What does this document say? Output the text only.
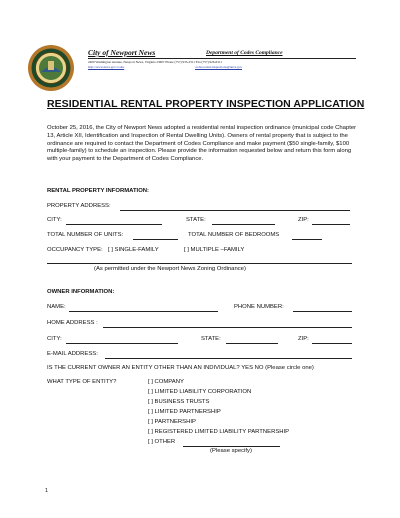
City of Newport News	Department of Codes Compliance
2400 Washington Avenue, Newport News, Virginia 23607 Phone (757) 933-2311 Fax (757) 926-6311
http://www.nnva.gov/codes	codes.rental-inspections@nnva.gov
RESIDENTIAL RENTAL PROPERTY INSPECTION APPLICATION
October 25, 2016, the City of Newport News adopted a residential rental inspection ordinance (municipal code Chapter 13, Article XII, Identification and Inspection of Rental Dwelling Units). Owners of rental property that is subject to the ordinance are required to contact the Department of Codes Compliance and make payment ($50 single-family, $100 multiple-family) to schedule an inspection. Please provide the information requested below and return this form along with your payment to the Department of Codes Compliance.
RENTAL PROPERTY INFORMATION:
PROPERTY ADDRESS:
CITY:	STATE:	ZIP:
TOTAL NUMBER OF UNITS:	TOTAL NUMBER OF BEDROOMS
OCCUPANCY TYPE: [ ] SINGLE-FAMILY	[ ] MULTIPLE –FAMILY
(As permitted under the Newport News Zoning Ordinance)
OWNER INFORMATION:
NAME:	PHONE NUMBER:
HOME ADDRESS :
CITY:	STATE:	ZIP:
E-MAIL ADDRESS:
IS THE CURRENT OWNER AN ENTITY OTHER THAN AN INDIVIDUAL? YES NO (Please circle one)
WHAT TYPE OF ENTITY?	[ ] COMPANY
[ ] LIMITED LIABILITY CORPORATION
[ ] BUSINESS TRUSTS
[ ] LIMITED PARTNERSHIP
[ ] PARTNERSHIP
[ ] REGISTERED LIMITED LIABILITY PARTNERSHIP
[ ] OTHER
(Please specify)
1
